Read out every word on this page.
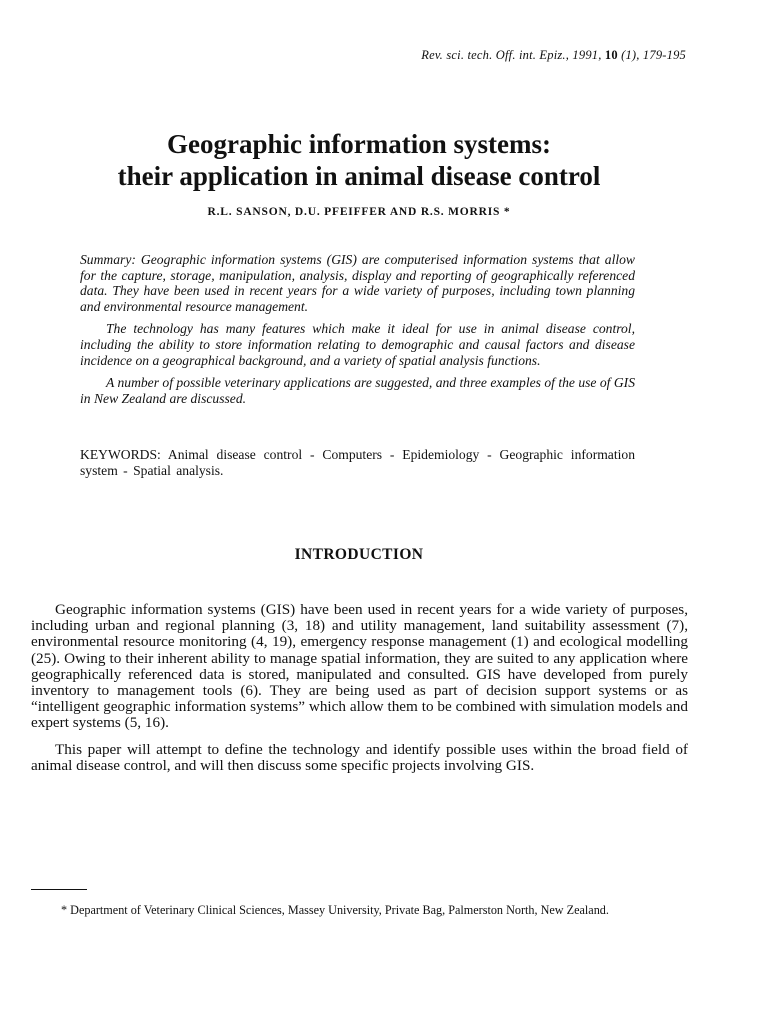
Rev. sci. tech. Off. int. Epiz., 1991, 10 (1), 179-195
Geographic information systems:
their application in animal disease control
R.L. SANSON, D.U. PFEIFFER AND R.S. MORRIS *

Summary: Geographic information systems (GIS) are computerised information systems that allow for the capture, storage, manipulation, analysis, display and reporting of geographically referenced data. They have been used in recent years for a wide variety of purposes, including town planning and environmental resource management.

The technology has many features which make it ideal for use in animal disease control, including the ability to store information relating to demographic and causal factors and disease incidence on a geographical background, and a variety of spatial analysis functions.

A number of possible veterinary applications are suggested, and three examples of the use of GIS in New Zealand are discussed.

KEYWORDS: Animal disease control - Computers - Epidemiology - Geographic information system - Spatial analysis.
INTRODUCTION

Geographic information systems (GIS) have been used in recent years for a wide variety of purposes, including urban and regional planning (3, 18) and utility management, land suitability assessment (7), environmental resource monitoring (4, 19), emergency response management (1) and ecological modelling (25). Owing to their inherent ability to manage spatial information, they are suited to any application where geographically referenced data is stored, manipulated and consulted. GIS have developed from purely inventory to management tools (6). They are being used as part of decision support systems or as “intelligent geographic information systems” which allow them to be combined with simulation models and expert systems (5, 16).

This paper will attempt to define the technology and identify possible uses within the broad field of animal disease control, and will then discuss some specific projects involving GIS.

* Department of Veterinary Clinical Sciences, Massey University, Private Bag, Palmerston North, New Zealand.
